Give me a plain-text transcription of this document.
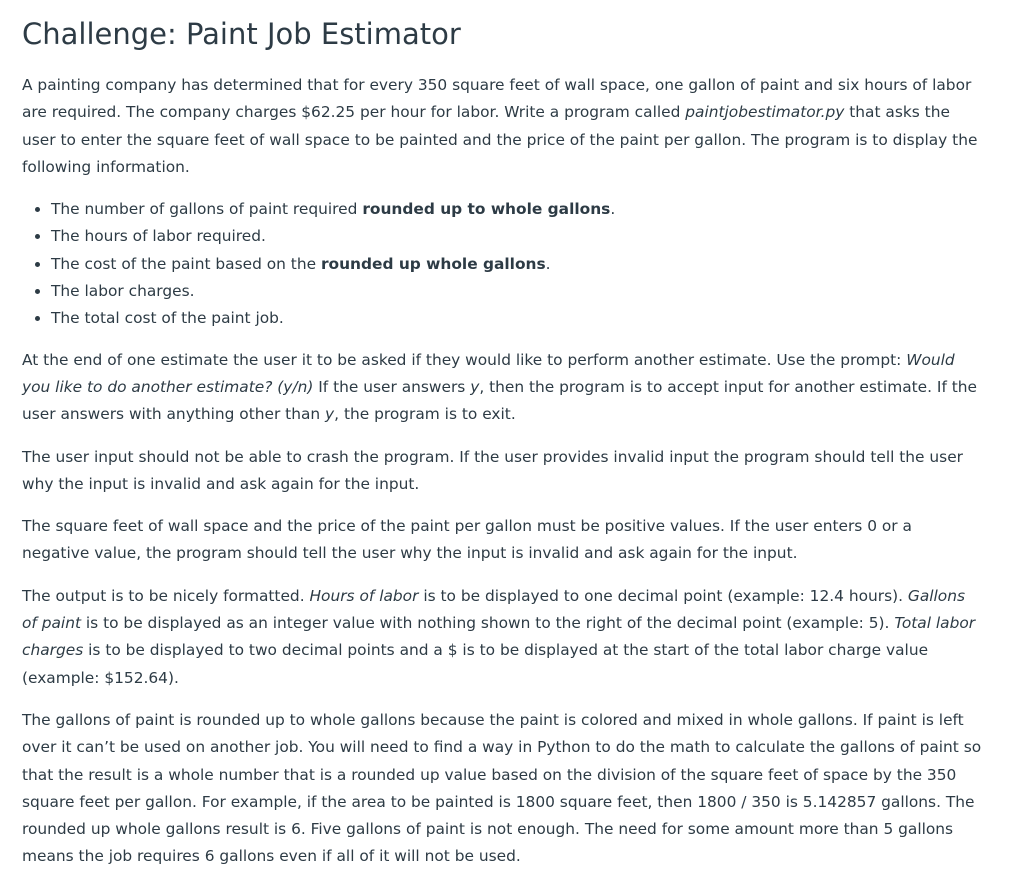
Challenge: Paint Job Estimator

A painting company has determined that for every 350 square feet of wall space, one gallon of paint and six hours of labor are required. The company charges $62.25 per hour for labor. Write a program called paintjobestimator.py that asks the user to enter the square feet of wall space to be painted and the price of the paint per gallon. The program is to display the following information.

• The number of gallons of paint required rounded up to whole gallons.
• The hours of labor required.
• The cost of the paint based on the rounded up whole gallons.
• The labor charges.
• The total cost of the paint job.

At the end of one estimate the user it to be asked if they would like to perform another estimate. Use the prompt: Would you like to do another estimate? (y/n) If the user answers y, then the program is to accept input for another estimate. If the user answers with anything other than y, the program is to exit.

The user input should not be able to crash the program. If the user provides invalid input the program should tell the user why the input is invalid and ask again for the input.

The square feet of wall space and the price of the paint per gallon must be positive values. If the user enters 0 or a negative value, the program should tell the user why the input is invalid and ask again for the input.

The output is to be nicely formatted. Hours of labor is to be displayed to one decimal point (example: 12.4 hours). Gallons of paint is to be displayed as an integer value with nothing shown to the right of the decimal point (example: 5). Total labor charges is to be displayed to two decimal points and a $ is to be displayed at the start of the total labor charge value (example: $152.64).

The gallons of paint is rounded up to whole gallons because the paint is colored and mixed in whole gallons. If paint is left over it can’t be used on another job. You will need to find a way in Python to do the math to calculate the gallons of paint so that the result is a whole number that is a rounded up value based on the division of the square feet of space by the 350 square feet per gallon. For example, if the area to be painted is 1800 square feet, then 1800 / 350 is 5.142857 gallons. The rounded up whole gallons result is 6. Five gallons of paint is not enough. The need for some amount more than 5 gallons means the job requires 6 gallons even if all of it will not be used.
